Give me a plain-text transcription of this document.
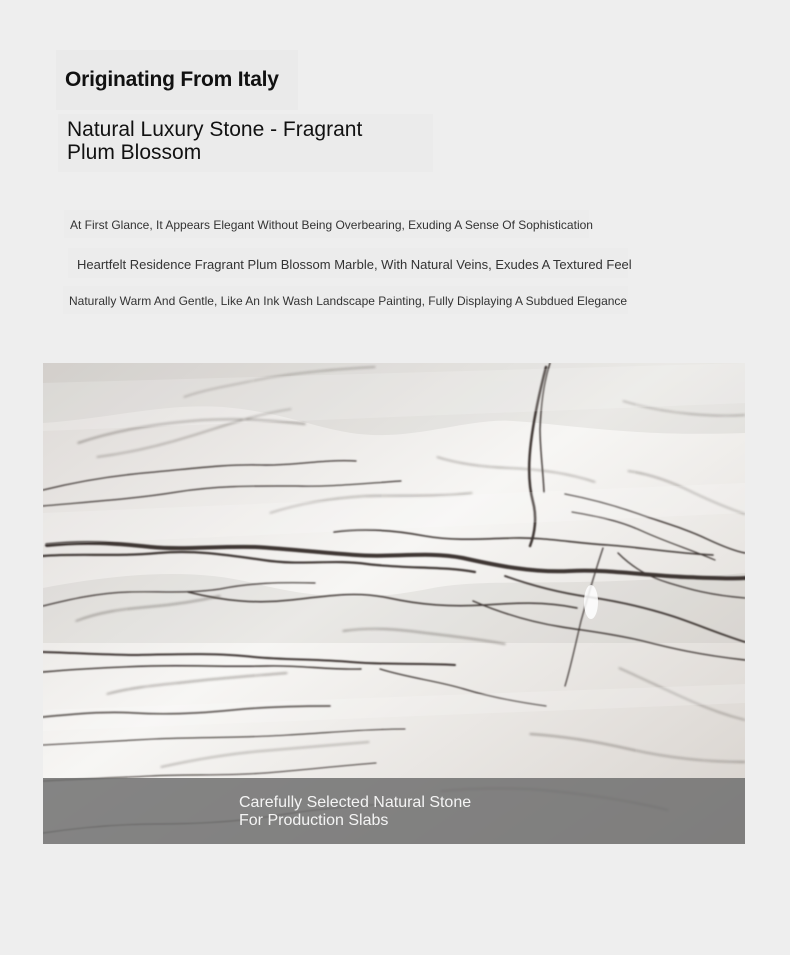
Originating From Italy
Natural Luxury Stone - Fragrant
Plum Blossom
At First Glance, It Appears Elegant Without Being Overbearing, Exuding A Sense Of Sophistication
Heartfelt Residence Fragrant Plum Blossom Marble, With Natural Veins, Exudes A Textured Feel
Naturally Warm And Gentle, Like An Ink Wash Landscape Painting, Fully Displaying A Subdued Elegance
Carefully Selected Natural Stone
For Production Slabs
